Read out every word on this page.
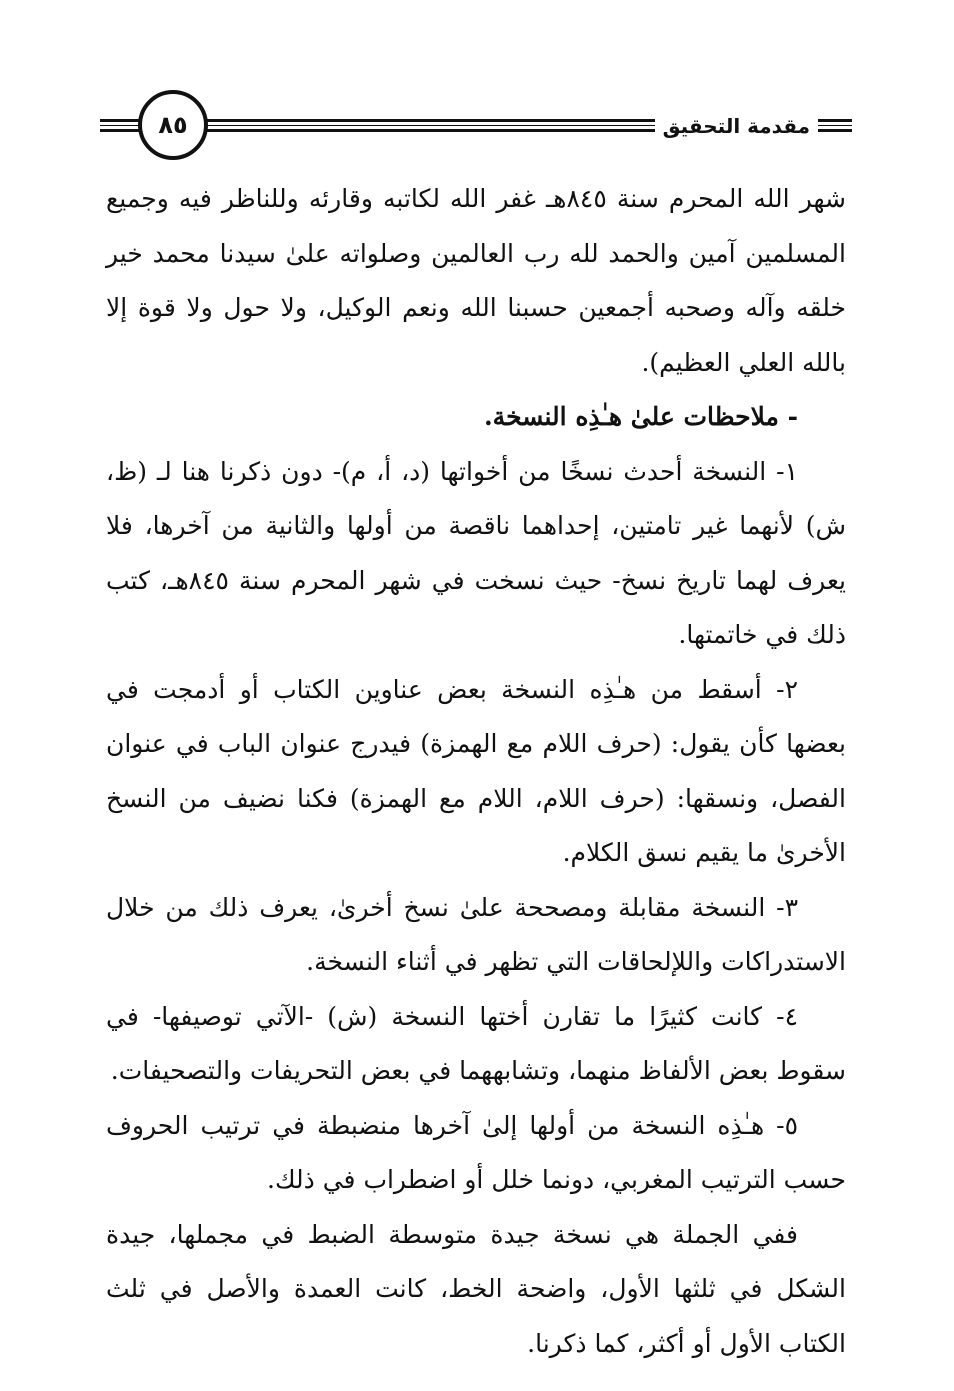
مقدمة التحقيق
٨٥

شهر الله المحرم سنة ٨٤٥هـ غفر الله لكاتبه وقارئه وللناظر فيه وجميع المسلمين آمين والحمد لله رب العالمين وصلواته علىٰ سيدنا محمد خير خلقه وآله وصحبه أجمعين حسبنا الله ونعم الوكيل، ولا حول ولا قوة إلا بالله العلي العظيم).

- ملاحظات علىٰ هـٰذِه النسخة.

١- النسخة أحدث نسخًا من أخواتها (د، أ، م)- دون ذكرنا هنا لـ (ظ، ش) لأنهما غير تامتين، إحداهما ناقصة من أولها والثانية من آخرها، فلا يعرف لهما تاريخ نسخ- حيث نسخت في شهر المحرم سنة ٨٤٥هـ، كتب ذلك في خاتمتها.

٢- أسقط من هـٰذِه النسخة بعض عناوين الكتاب أو أدمجت في بعضها كأن يقول: (حرف اللام مع الهمزة) فيدرج عنوان الباب في عنوان الفصل، ونسقها: (حرف اللام، اللام مع الهمزة) فكنا نضيف من النسخ الأخرىٰ ما يقيم نسق الكلام.

٣- النسخة مقابلة ومصححة علىٰ نسخ أخرىٰ، يعرف ذلك من خلال الاستدراكات واللإلحاقات التي تظهر في أثناء النسخة.

٤- كانت كثيرًا ما تقارن أختها النسخة (ش) -الآتي توصيفها- في سقوط بعض الألفاظ منهما، وتشابههما في بعض التحريفات والتصحيفات.

٥- هـٰذِه النسخة من أولها إلىٰ آخرها منضبطة في ترتيب الحروف حسب الترتيب المغربي، دونما خلل أو اضطراب في ذلك.

ففي الجملة هي نسخة جيدة متوسطة الضبط في مجملها، جيدة الشكل في ثلثها الأول، واضحة الخط، كانت العمدة والأصل في ثلث الكتاب الأول أو أكثر، كما ذكرنا.
